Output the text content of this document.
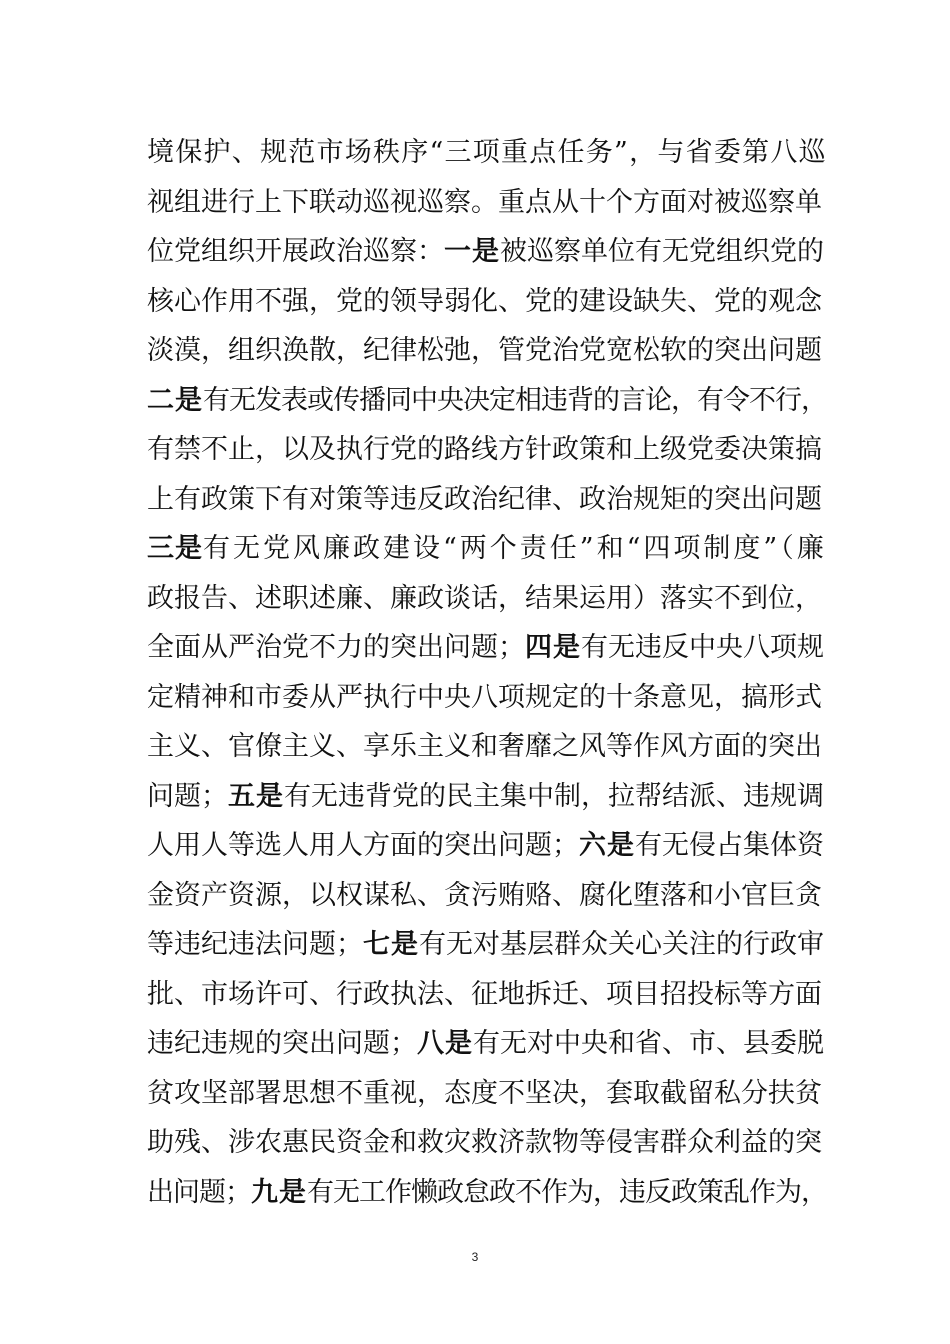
境保护、规范市场秩序“三项重点任务”，与省委第八巡
视组进行上下联动巡视巡察。重点从十个方面对被巡察单
位党组织开展政治巡察：一是被巡察单位有无党组织党的
核心作用不强，党的领导弱化、党的建设缺失、党的观念
淡漠，组织涣散，纪律松弛，管党治党宽松软的突出问题
二是有无发表或传播同中央决定相违背的言论，有令不行，
有禁不止，以及执行党的路线方针政策和上级党委决策搞
上有政策下有对策等违反政治纪律、政治规矩的突出问题
三是有无党风廉政建设“两个责任”和“四项制度”（廉
政报告、述职述廉、廉政谈话，结果运用）落实不到位，
全面从严治党不力的突出问题；四是有无违反中央八项规
定精神和市委从严执行中央八项规定的十条意见，搞形式
主义、官僚主义、享乐主义和奢靡之风等作风方面的突出
问题；五是有无违背党的民主集中制，拉帮结派、违规调
人用人等选人用人方面的突出问题；六是有无侵占集体资
金资产资源，以权谋私、贪污贿赂、腐化堕落和小官巨贪
等违纪违法问题；七是有无对基层群众关心关注的行政审
批、市场许可、行政执法、征地拆迁、项目招投标等方面
违纪违规的突出问题；八是有无对中央和省、市、县委脱
贫攻坚部署思想不重视，态度不坚决，套取截留私分扶贫
助残、涉农惠民资金和救灾救济款物等侵害群众利益的突
出问题；九是有无工作懒政怠政不作为，违反政策乱作为，
3
